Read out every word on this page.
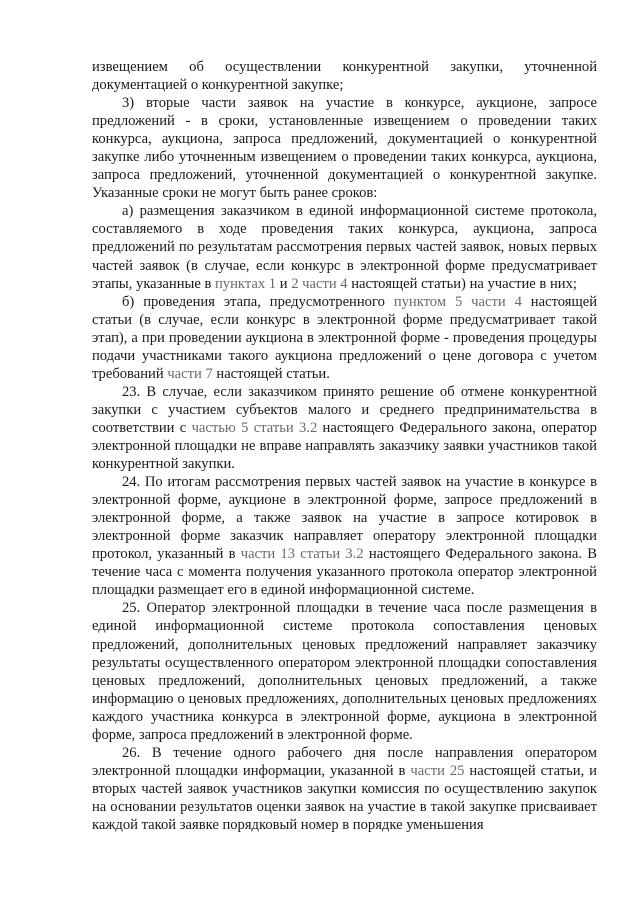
извещением об осуществлении конкурентной закупки, уточненной документацией о конкурентной закупке;

3) вторые части заявок на участие в конкурсе, аукционе, запросе предложений - в сроки, установленные извещением о проведении таких конкурса, аукциона, запроса предложений, документацией о конкурентной закупке либо уточненным извещением о проведении таких конкурса, аукциона, запроса предложений, уточненной документацией о конкурентной закупке. Указанные сроки не могут быть ранее сроков:

а) размещения заказчиком в единой информационной системе протокола, составляемого в ходе проведения таких конкурса, аукциона, запроса предложений по результатам рассмотрения первых частей заявок, новых первых частей заявок (в случае, если конкурс в электронной форме предусматривает этапы, указанные в пунктах 1 и 2 части 4 настоящей статьи) на участие в них;

б) проведения этапа, предусмотренного пунктом 5 части 4 настоящей статьи (в случае, если конкурс в электронной форме предусматривает такой этап), а при проведении аукциона в электронной форме - проведения процедуры подачи участниками такого аукциона предложений о цене договора с учетом требований части 7 настоящей статьи.

23. В случае, если заказчиком принято решение об отмене конкурентной закупки с участием субъектов малого и среднего предпринимательства в соответствии с частью 5 статьи 3.2 настоящего Федерального закона, оператор электронной площадки не вправе направлять заказчику заявки участников такой конкурентной закупки.

24. По итогам рассмотрения первых частей заявок на участие в конкурсе в электронной форме, аукционе в электронной форме, запросе предложений в электронной форме, а также заявок на участие в запросе котировок в электронной форме заказчик направляет оператору электронной площадки протокол, указанный в части 13 статьи 3.2 настоящего Федерального закона. В течение часа с момента получения указанного протокола оператор электронной площадки размещает его в единой информационной системе.

25. Оператор электронной площадки в течение часа после размещения в единой информационной системе протокола сопоставления ценовых предложений, дополнительных ценовых предложений направляет заказчику результаты осуществленного оператором электронной площадки сопоставления ценовых предложений, дополнительных ценовых предложений, а также информацию о ценовых предложениях, дополнительных ценовых предложениях каждого участника конкурса в электронной форме, аукциона в электронной форме, запроса предложений в электронной форме.

26. В течение одного рабочего дня после направления оператором электронной площадки информации, указанной в части 25 настоящей статьи, и вторых частей заявок участников закупки комиссия по осуществлению закупок на основании результатов оценки заявок на участие в такой закупке присваивает каждой такой заявке порядковый номер в порядке уменьшения
